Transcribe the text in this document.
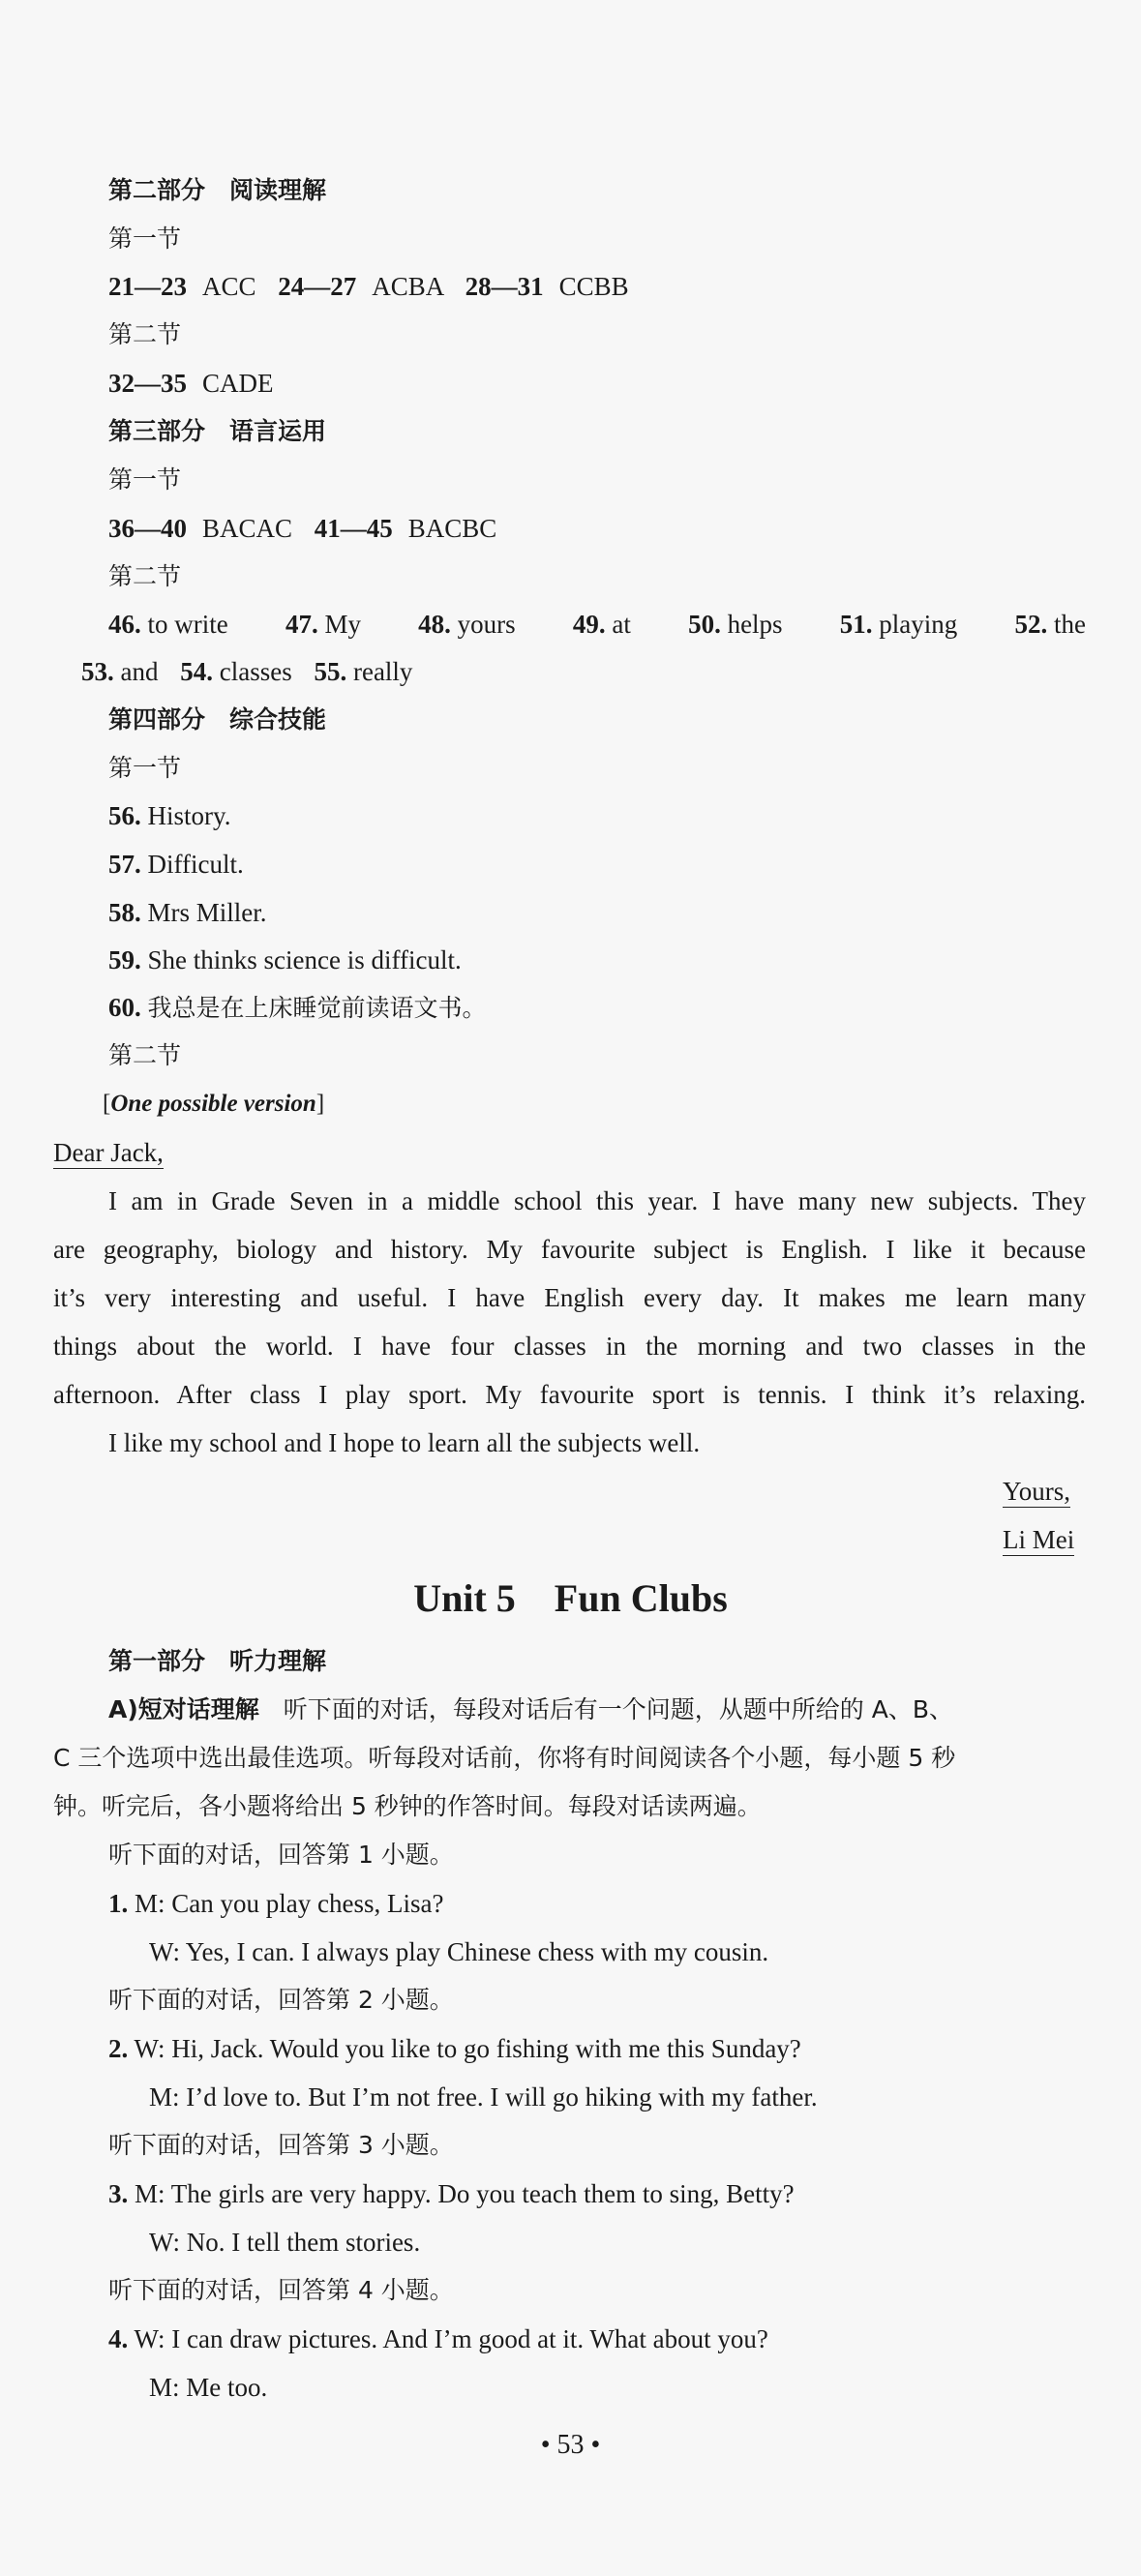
第二部分　阅读理解
第一节
21—23 ACC 24—27 ACBA 28—31 CCBB
第二节
32—35 CADE
第三部分　语言运用
第一节
36—40 BACAC 41—45 BACBC
第二节
46. to write 47. My 48. yours 49. at 50. helps 51. playing 52. the
53. and 54. classes 55. really
第四部分　综合技能
第一节
56. History.
57. Difficult.
58. Mrs Miller.
59. She thinks science is difficult.
60. 我总是在上床睡觉前读语文书。
第二节
[One possible version]
Dear Jack,
I am in Grade Seven in a middle school this year. I have many new subjects. They
are geography, biology and history. My favourite subject is English. I like it because
it’s very interesting and useful. I have English every day. It makes me learn many
things about the world. I have four classes in the morning and two classes in the
afternoon. After class I play sport. My favourite sport is tennis. I think it’s relaxing.
I like my school and I hope to learn all the subjects well.
Yours,
Li Mei
Unit 5　Fun Clubs
第一部分　听力理解
A)短对话理解　听下面的对话，每段对话后有一个问题，从题中所给的 A、B、
C 三个选项中选出最佳选项。听每段对话前，你将有时间阅读各个小题，每小题 5 秒
钟。听完后，各小题将给出 5 秒钟的作答时间。每段对话读两遍。
听下面的对话，回答第 1 小题。
1. M: Can you play chess, Lisa?
W: Yes, I can. I always play Chinese chess with my cousin.
听下面的对话，回答第 2 小题。
2. W: Hi, Jack. Would you like to go fishing with me this Sunday?
M: I’d love to. But I’m not free. I will go hiking with my father.
听下面的对话，回答第 3 小题。
3. M: The girls are very happy. Do you teach them to sing, Betty?
W: No. I tell them stories.
听下面的对话，回答第 4 小题。
4. W: I can draw pictures. And I’m good at it. What about you?
M: Me too.
• 53 •
